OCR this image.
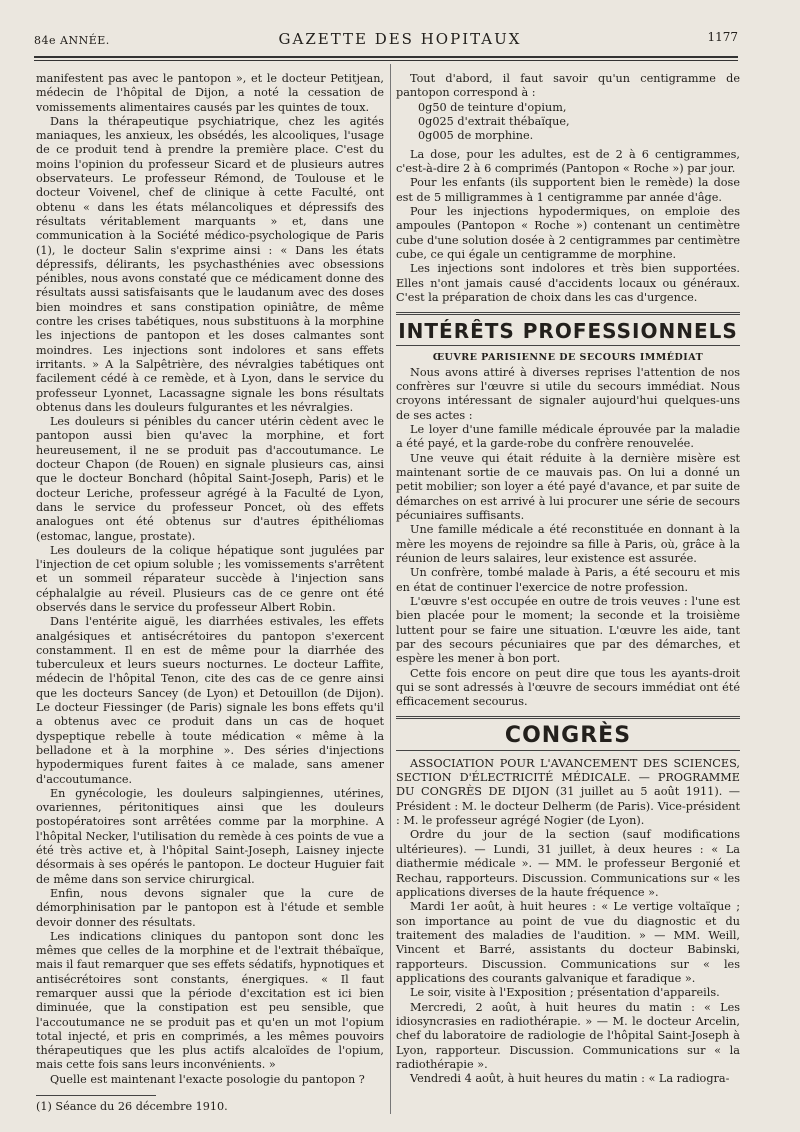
84e ANNÉE.	GAZETTE DES HOPITAUX	1177

manifestent pas avec le pantopon », et le docteur Petitjean, médecin de l'hôpital de Dijon, a noté la cessation de vomissements alimentaires causés par les quintes de toux.

Dans la thérapeutique psychiatrique, chez les agités maniaques, les anxieux, les obsédés, les alcooliques, l'usage de ce produit tend à prendre la première place. C'est du moins l'opinion du professeur Sicard et de plusieurs autres observateurs. Le professeur Rémond, de Toulouse et le docteur Voivenel, chef de clinique à cette Faculté, ont obtenu « dans les états mélancoliques et dépressifs des résultats véritablement marquants » et, dans une communication à la Société médico-psychologique de Paris (1), le docteur Salin s'exprime ainsi : « Dans les états dépressifs, délirants, les psychasthénies avec obsessions pénibles, nous avons constaté que ce médicament donne des résultats aussi satisfaisants que le laudanum avec des doses bien moindres et sans constipation opiniâtre, de même contre les crises tabétiques, nous substituons à la morphine les injections de pantopon et les doses calmantes sont moindres. Les injections sont indolores et sans effets irritants. » A la Salpêtrière, des névralgies tabétiques ont facilement cédé à ce remède, et à Lyon, dans le service du professeur Lyonnet, Lacassagne signale les bons résultats obtenus dans les douleurs fulgurantes et les névralgies.

Les douleurs si pénibles du cancer utérin cèdent avec le pantopon aussi bien qu'avec la morphine, et fort heureusement, il ne se produit pas d'accoutumance. Le docteur Chapon (de Rouen) en signale plusieurs cas, ainsi que le docteur Bonchard (hôpital Saint-Joseph, Paris) et le docteur Leriche, professeur agrégé à la Faculté de Lyon, dans le service du professeur Poncet, où des effets analogues ont été obtenus sur d'autres épithéliomas (estomac, langue, prostate).

Les douleurs de la colique hépatique sont jugulées par l'injection de cet opium soluble ; les vomissements s'arrêtent et un sommeil réparateur succède à l'injection sans céphalalgie au réveil. Plusieurs cas de ce genre ont été observés dans le service du professeur Albert Robin.

Dans l'entérite aiguë, les diarrhées estivales, les effets analgésiques et antisécrétoires du pantopon s'exercent constamment. Il en est de même pour la diarrhée des tuberculeux et leurs sueurs nocturnes. Le docteur Laffite, médecin de l'hôpital Tenon, cite des cas de ce genre ainsi que les docteurs Sancey (de Lyon) et Detouillon (de Dijon). Le docteur Fiessinger (de Paris) signale les bons effets qu'il a obtenus avec ce produit dans un cas de hoquet dyspeptique rebelle à toute médication « même à la belladone et à la morphine ». Des séries d'injections hypodermiques furent faites à ce malade, sans amener d'accoutumance.

En gynécologie, les douleurs salpingiennes, utérines, ovariennes, péritonitiques ainsi que les douleurs postopératoires sont arrêtées comme par la morphine. A l'hôpital Necker, l'utilisation du remède à ces points de vue a été très active et, à l'hôpital Saint-Joseph, Laisney injecte désormais à ses opérés le pantopon. Le docteur Huguier fait de même dans son service chirurgical.

Enfin, nous devons signaler que la cure de démorphinisation par le pantopon est à l'étude et semble devoir donner des résultats.

Les indications cliniques du pantopon sont donc les mêmes que celles de la morphine et de l'extrait thébaïque, mais il faut remarquer que ses effets sédatifs, hypnotiques et antisécrétoires sont constants, énergiques. « Il faut remarquer aussi que la période d'excitation est ici bien diminuée, que la constipation est peu sensible, que l'accoutumance ne se produit pas et qu'en un mot l'opium total injecté, et pris en comprimés, a les mêmes pouvoirs thérapeutiques que les plus actifs alcaloïdes de l'opium, mais cette fois sans leurs inconvénients. »

Quelle est maintenant l'exacte posologie du pantopon ?

(1) Séance du 26 décembre 1910.

Tout d'abord, il faut savoir qu'un centigramme de pantopon correspond à :

0g50 de teinture d'opium,

0g025 d'extrait thébaïque,

0g005 de morphine.

La dose, pour les adultes, est de 2 à 6 centigrammes, c'est-à-dire 2 à 6 comprimés (Pantopon « Roche ») par jour.

Pour les enfants (ils supportent bien le remède) la dose est de 5 milligrammes à 1 centigramme par année d'âge.

Pour les injections hypodermiques, on emploie des ampoules (Pantopon « Roche ») contenant un centimètre cube d'une solution dosée à 2 centigrammes par centimètre cube, ce qui égale un centigramme de morphine.

Les injections sont indolores et très bien supportées. Elles n'ont jamais causé d'accidents locaux ou généraux. C'est la préparation de choix dans les cas d'urgence.

INTÉRÊTS PROFESSIONNELS
ŒUVRE PARISIENNE DE SECOURS IMMÉDIAT

Nous avons attiré à diverses reprises l'attention de nos confrères sur l'œuvre si utile du secours immédiat. Nous croyons intéressant de signaler aujourd'hui quelques-uns de ses actes :

Le loyer d'une famille médicale éprouvée par la maladie a été payé, et la garde-robe du confrère renouvelée.

Une veuve qui était réduite à la dernière misère est maintenant sortie de ce mauvais pas. On lui a donné un petit mobilier; son loyer a été payé d'avance, et par suite de démarches on est arrivé à lui procurer une série de secours pécuniaires suffisants.

Une famille médicale a été reconstituée en donnant à la mère les moyens de rejoindre sa fille à Paris, où, grâce à la réunion de leurs salaires, leur existence est assurée.

Un confrère, tombé malade à Paris, a été secouru et mis en état de continuer l'exercice de notre profession.

L'œuvre s'est occupée en outre de trois veuves : l'une est bien placée pour le moment; la seconde et la troisième luttent pour se faire une situation. L'œuvre les aide, tant par des secours pécuniaires que par des démarches, et espère les mener à bon port.

Cette fois encore on peut dire que tous les ayants-droit qui se sont adressés à l'œuvre de secours immédiat ont été efficacement secourus.

CONGRÈS

ASSOCIATION POUR L'AVANCEMENT DES SCIENCES, SECTION D'ÉLECTRICITÉ MÉDICALE. — PROGRAMME DU CONGRÈS DE DIJON (31 juillet au 5 août 1911). — Président : M. le docteur Delherm (de Paris). Vice-président : M. le professeur agrégé Nogier (de Lyon).

Ordre du jour de la section (sauf modifications ultérieures). — Lundi, 31 juillet, à deux heures : « La diathermie médicale ». — MM. le professeur Bergonié et Rechau, rapporteurs. Discussion. Communications sur « les applications diverses de la haute fréquence ».

Mardi 1er août, à huit heures : « Le vertige voltaïque ; son importance au point de vue du diagnostic et du traitement des maladies de l'audition. » — MM. Weill, Vincent et Barré, assistants du docteur Babinski, rapporteurs. Discussion. Communications sur « les applications des courants galvanique et faradique ».

Le soir, visite à l'Exposition ; présentation d'appareils.

Mercredi, 2 août, à huit heures du matin : « Les idiosyncrasies en radiothérapie. » — M. le docteur Arcelin, chef du laboratoire de radiologie de l'hôpital Saint-Joseph à Lyon, rapporteur. Discussion. Communications sur « la radiothérapie ».

Vendredi 4 août, à huit heures du matin : « La radiogra-
